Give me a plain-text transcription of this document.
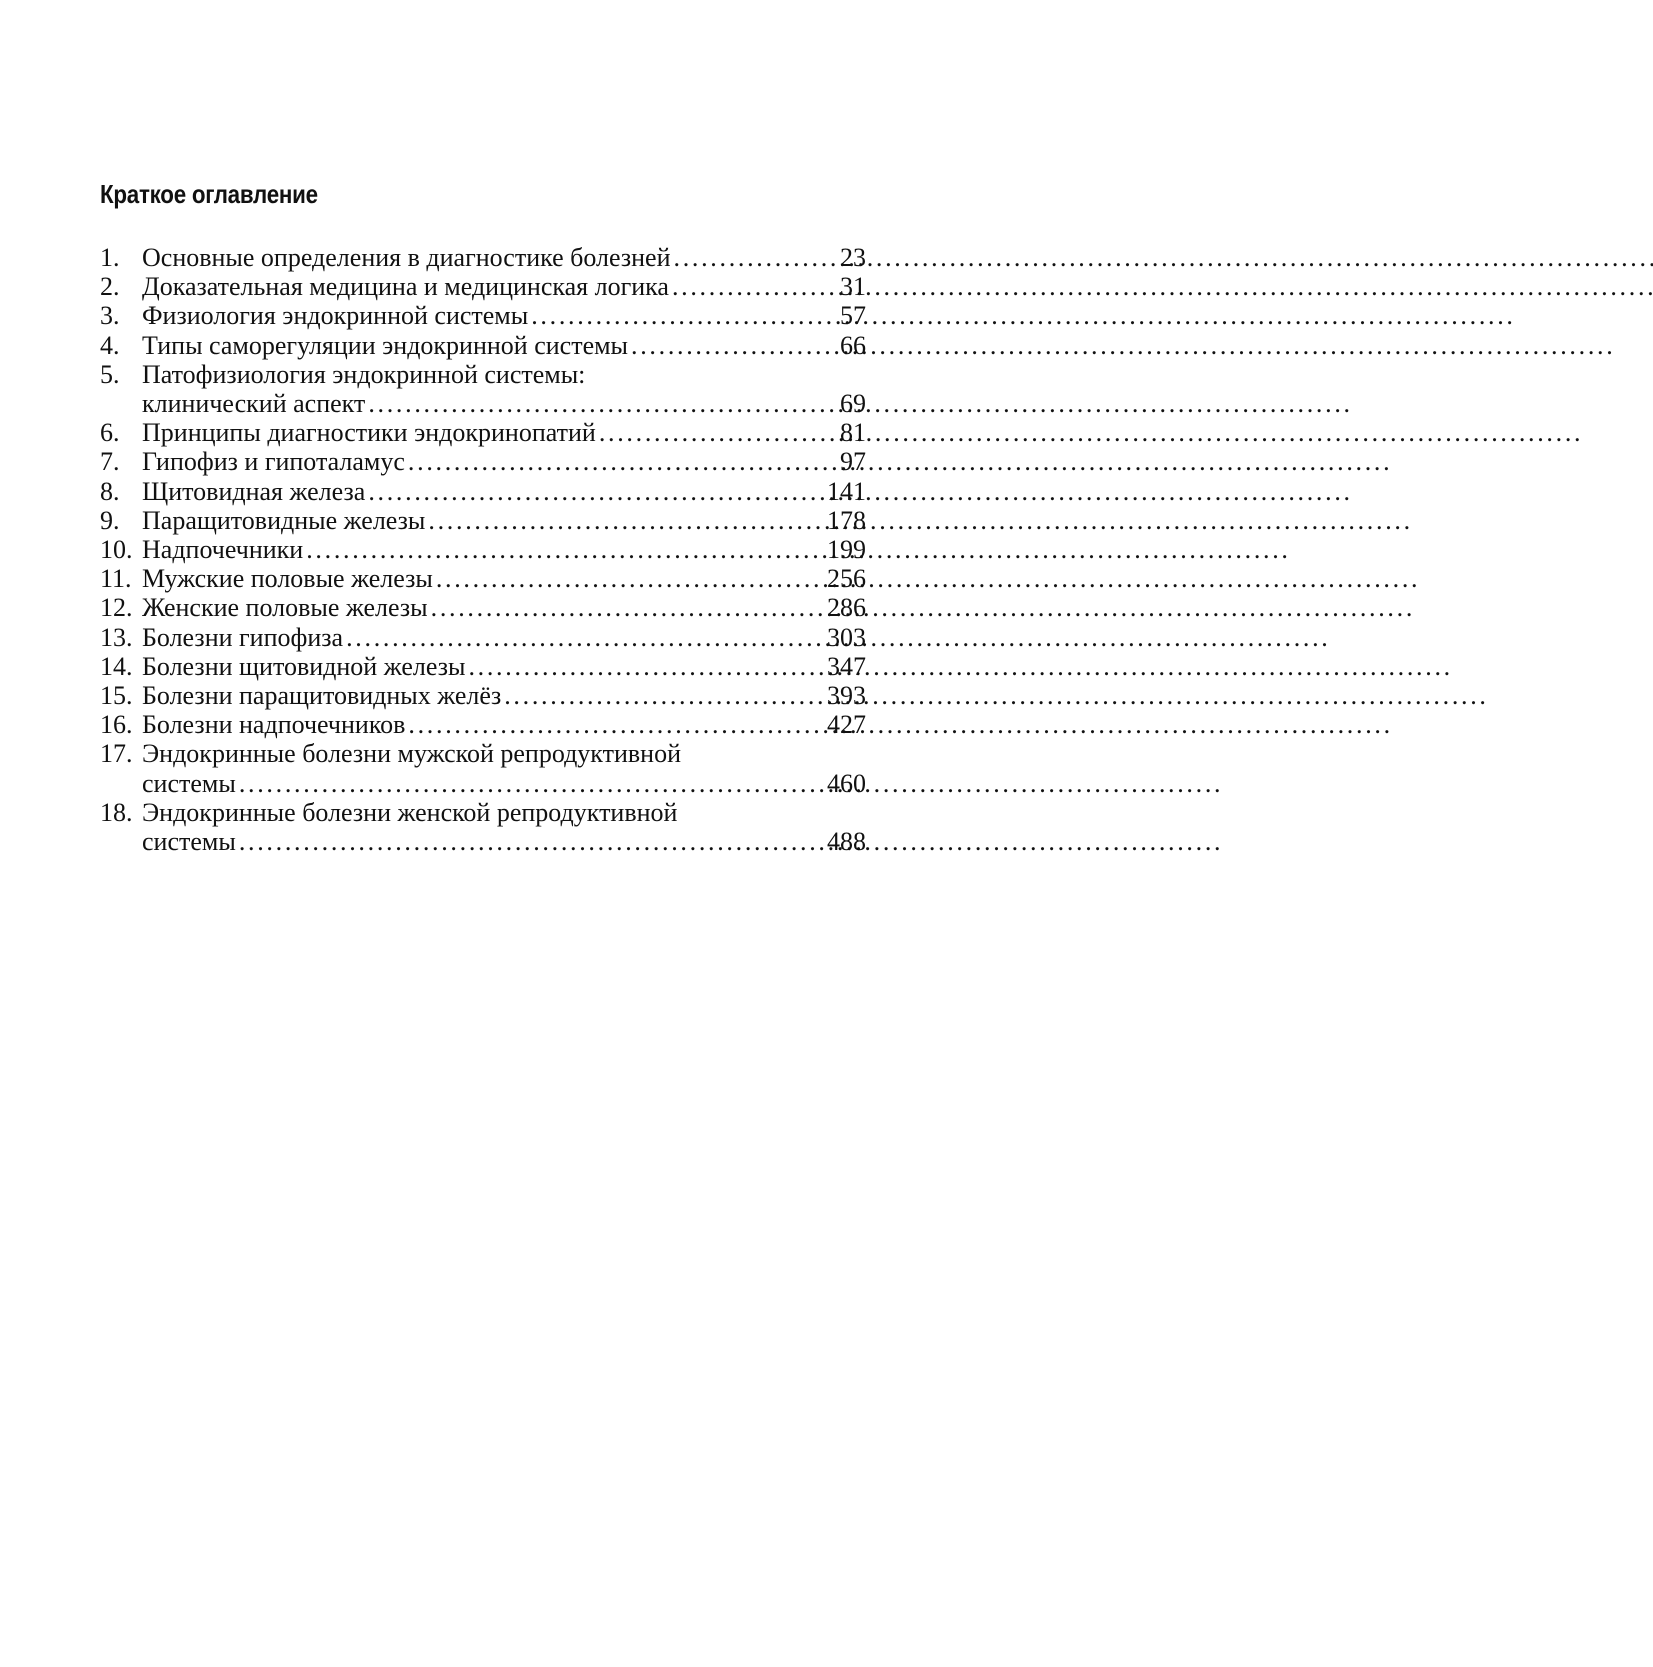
Краткое оглавление
1. Основные определения в диагностике болезней . . .	23
2. Доказательная медицина и медицинская логика . . .	31
3. Физиология эндокринной системы . . .	57
4. Типы саморегуляции эндокринной системы . . .	66
5. Патофизиология эндокринной системы:
клинический аспект . . .	69
6. Принципы диагностики эндокринопатий . . .	81
7. Гипофиз и гипоталамус . . .	97
8. Щитовидная железа . . .	141
9. Паращитовидные железы . . .	178
10. Надпочечники . . .	199
11. Мужские половые железы . . .	256
12. Женские половые железы . . .	286
13. Болезни гипофиза . . .	303
14. Болезни щитовидной железы . . .	347
15. Болезни паращитовидных желёз . . .	393
16. Болезни надпочечников . . .	427
17. Эндокринные болезни мужской репродуктивной
системы . . .	460
18. Эндокринные болезни женской репродуктивной
системы . . .	488
